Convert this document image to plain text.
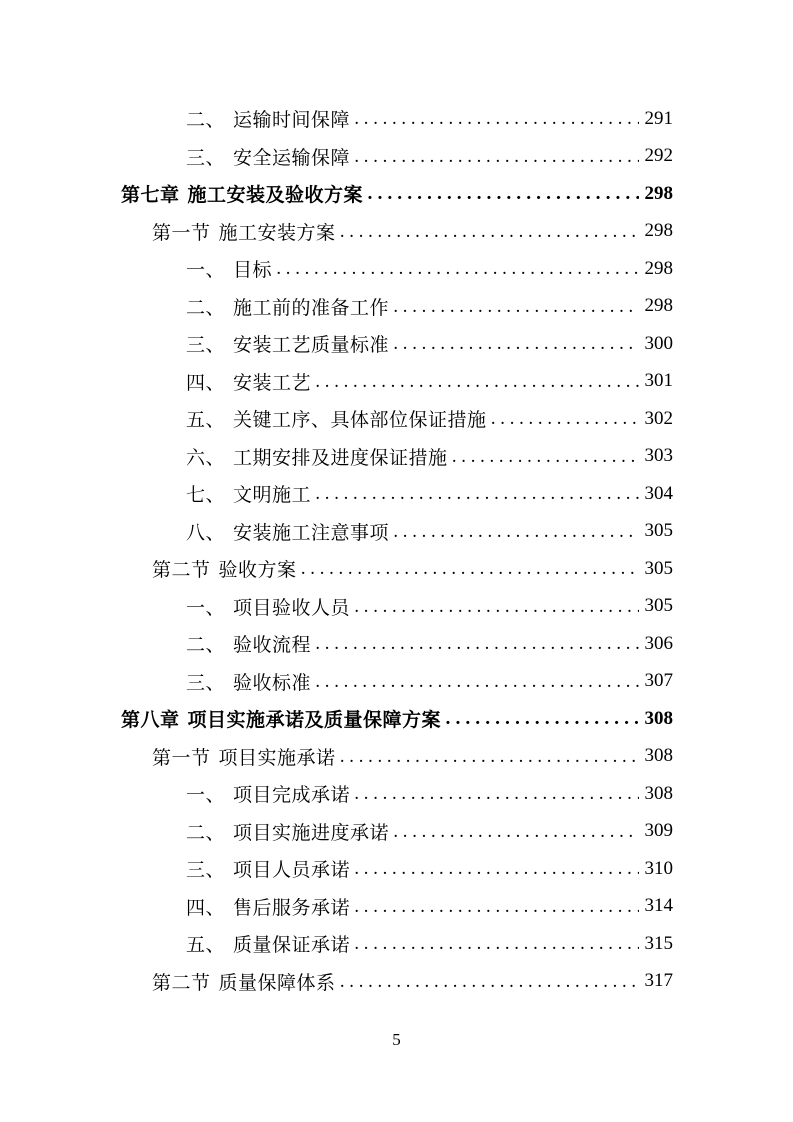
二、 运输时间保障 .....	291
三、 安全运输保障 .....	292
第七章 施工安装及验收方案 .....	298
第一节 施工安装方案 .....	298
一、 目标 .....	298
二、 施工前的准备工作 .....	298
三、 安装工艺质量标准 .....	300
四、 安装工艺 .....	301
五、 关键工序、具体部位保证措施 .....	302
六、 工期安排及进度保证措施 .....	303
七、 文明施工 .....	304
八、 安装施工注意事项 .....	305
第二节 验收方案 .....	305
一、 项目验收人员 .....	305
二、 验收流程 .....	306
三、 验收标准 .....	307
第八章 项目实施承诺及质量保障方案 .....	308
第一节 项目实施承诺 .....	308
一、 项目完成承诺 .....	308
二、 项目实施进度承诺 .....	309
三、 项目人员承诺 .....	310
四、 售后服务承诺 .....	314
五、 质量保证承诺 .....	315
第二节 质量保障体系 .....	317
5
